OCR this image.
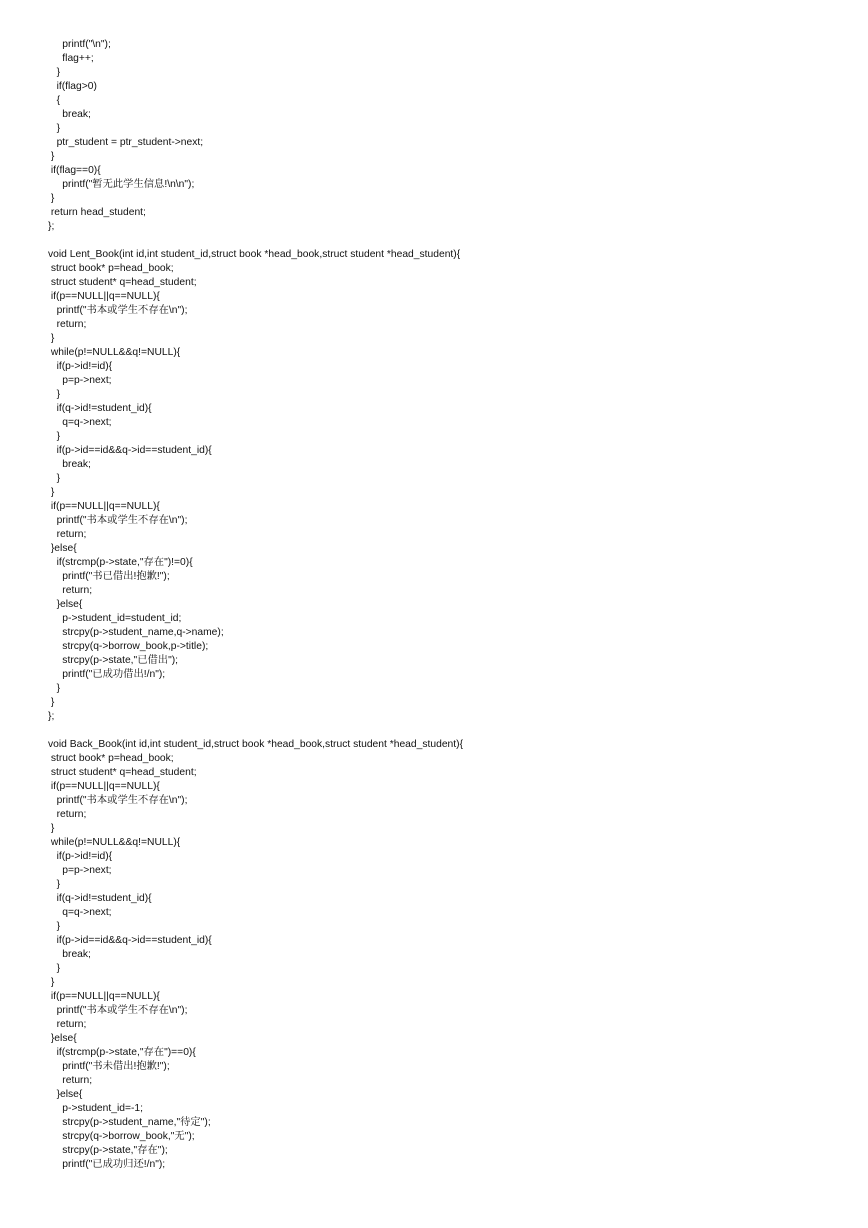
printf("\n");
flag++;
}
if(flag>0)
{
break;
}
ptr_student = ptr_student->next;
}
if(flag==0){
printf("暂无此学生信息!\n\n");
}
return head_student;
};
void Lent_Book(int id,int student_id,struct book *head_book,struct student *head_student){
struct book* p=head_book;
struct student* q=head_student;
if(p==NULL||q==NULL){
printf("书本或学生不存在\n");
return;
}
while(p!=NULL&&q!=NULL){
if(p->id!=id){
p=p->next;
}
if(q->id!=student_id){
q=q->next;
}
if(p->id==id&&q->id==student_id){
break;
}
}
if(p==NULL||q==NULL){
printf("书本或学生不存在\n");
return;
}else{
if(strcmp(p->state,"存在")!=0){
printf("书已借出!抱歉!");
return;
}else{
p->student_id=student_id;
strcpy(p->student_name,q->name);
strcpy(q->borrow_book,p->title);
strcpy(p->state,"已借出");
printf("已成功借出!/n");
}
}
};
void Back_Book(int id,int student_id,struct book *head_book,struct student *head_student){
struct book* p=head_book;
struct student* q=head_student;
if(p==NULL||q==NULL){
printf("书本或学生不存在\n");
return;
}
while(p!=NULL&&q!=NULL){
if(p->id!=id){
p=p->next;
}
if(q->id!=student_id){
q=q->next;
}
if(p->id==id&&q->id==student_id){
break;
}
}
if(p==NULL||q==NULL){
printf("书本或学生不存在\n");
return;
}else{
if(strcmp(p->state,"存在")==0){
printf("书未借出!抱歉!");
return;
}else{
p->student_id=-1;
strcpy(p->student_name,"待定");
strcpy(q->borrow_book,"无");
strcpy(p->state,"存在");
printf("已成功归还!/n");
